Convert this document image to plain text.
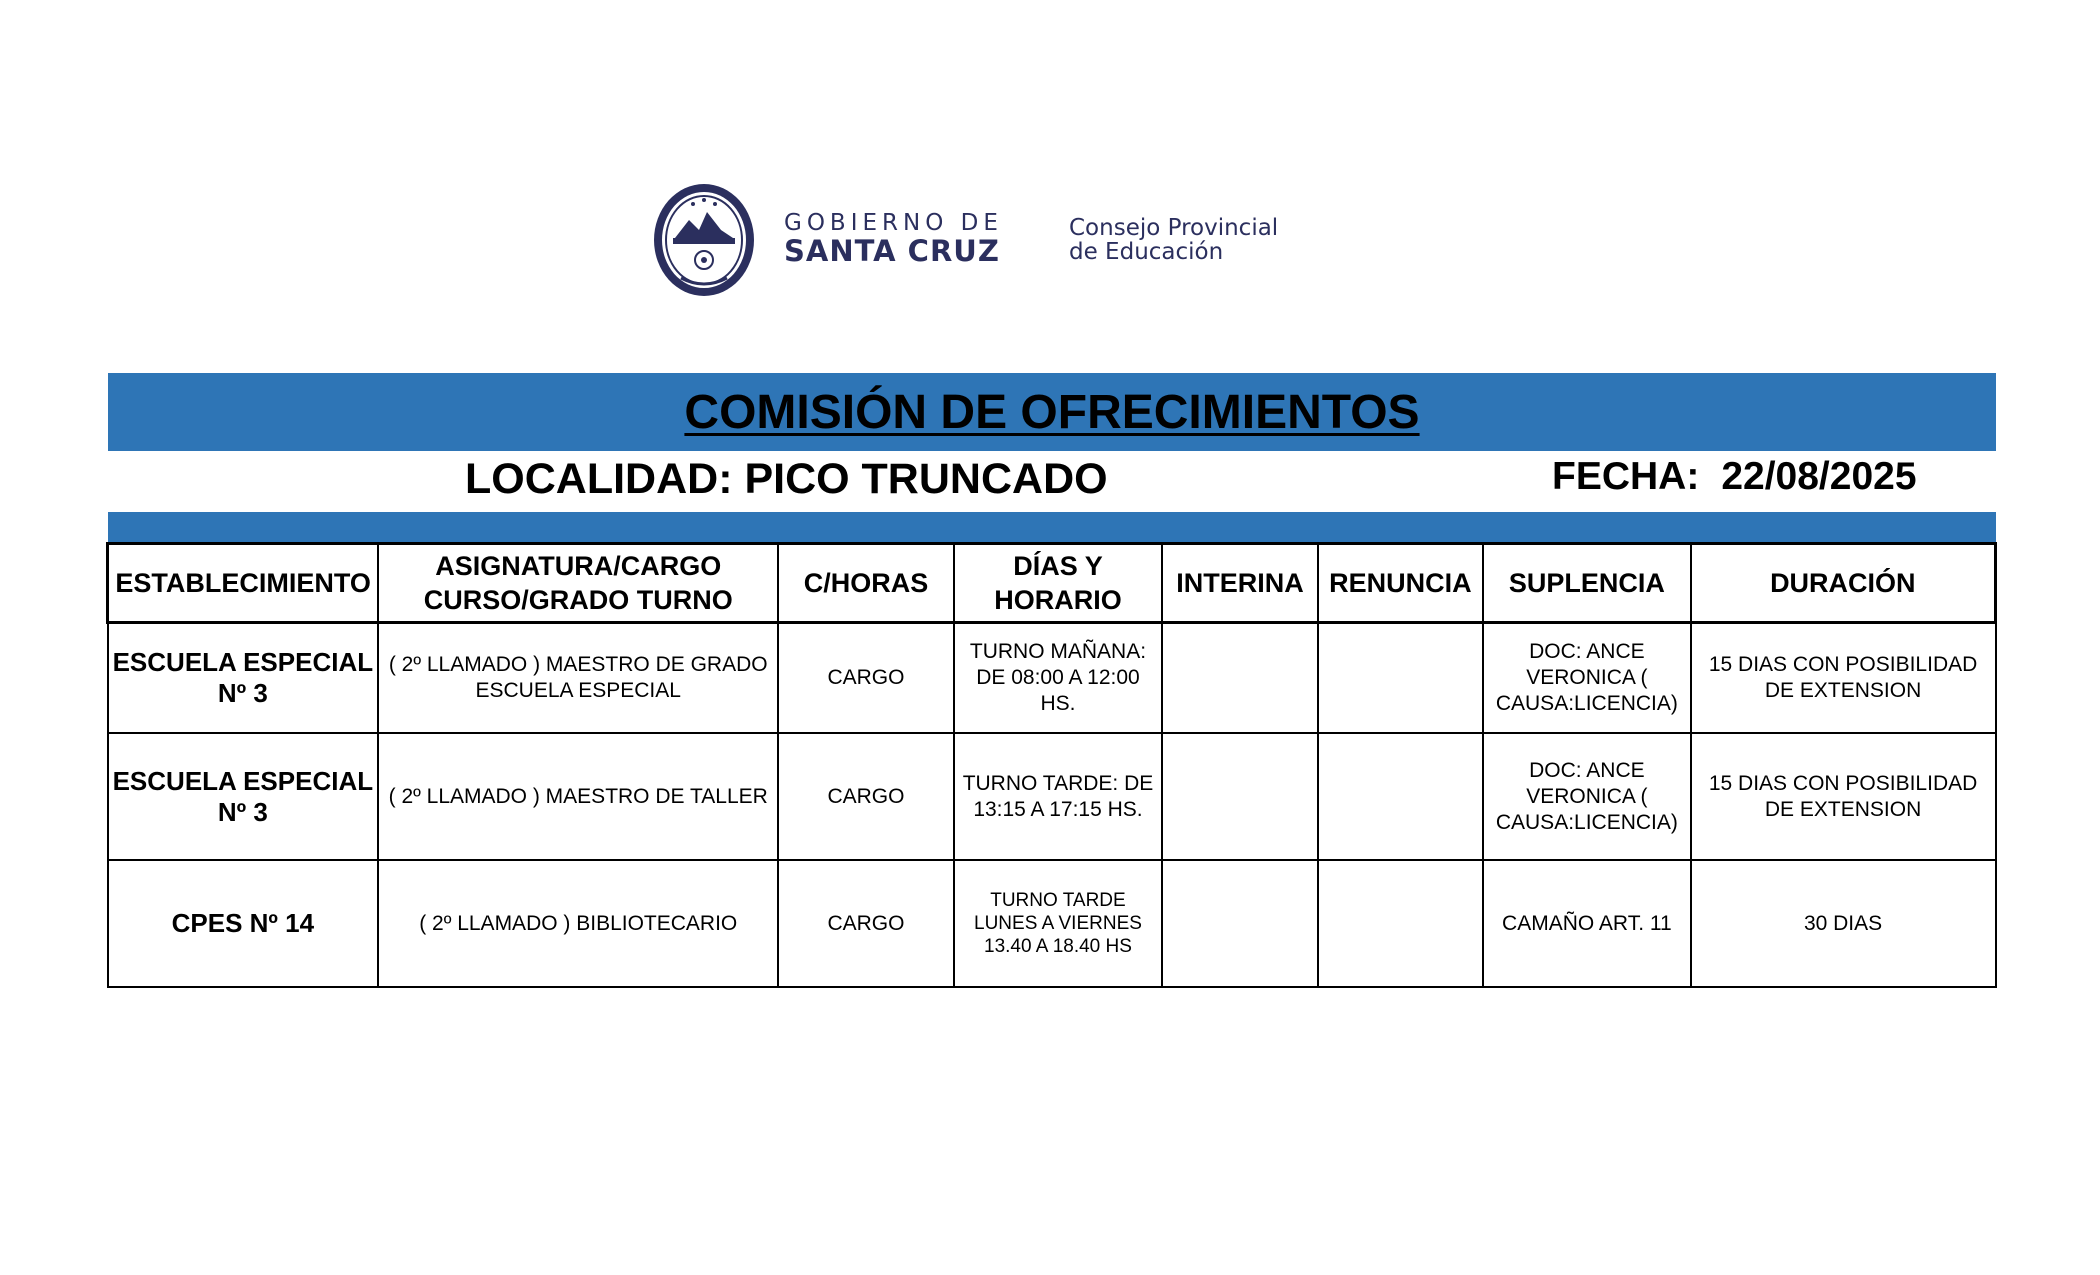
GOBIERNO DE
SANTA CRUZ
Consejo Provincial
de Educación
COMISIÓN DE OFRECIMIENTOS
LOCALIDAD: PICO TRUNCADO	FECHA: 22/08/2025
ESTABLECIMIENTO	ASIGNATURA/CARGO CURSO/GRADO TURNO	C/HORAS	DÍAS Y HORARIO	INTERINA	RENUNCIA	SUPLENCIA	DURACIÓN
ESCUELA ESPECIAL Nº 3	( 2º LLAMADO ) MAESTRO DE GRADO ESCUELA ESPECIAL	CARGO	TURNO MAÑANA: DE 08:00 A 12:00 HS.			DOC: ANCE VERONICA ( CAUSA:LICENCIA)	15 DIAS CON POSIBILIDAD DE EXTENSION
ESCUELA ESPECIAL Nº 3	( 2º LLAMADO ) MAESTRO DE TALLER	CARGO	TURNO TARDE: DE 13:15 A 17:15 HS.			DOC: ANCE VERONICA ( CAUSA:LICENCIA)	15 DIAS CON POSIBILIDAD DE EXTENSION
CPES Nº 14	( 2º LLAMADO ) BIBLIOTECARIO	CARGO	TURNO TARDE LUNES A VIERNES 13.40 A 18.40 HS			CAMAÑO ART. 11	30 DIAS
